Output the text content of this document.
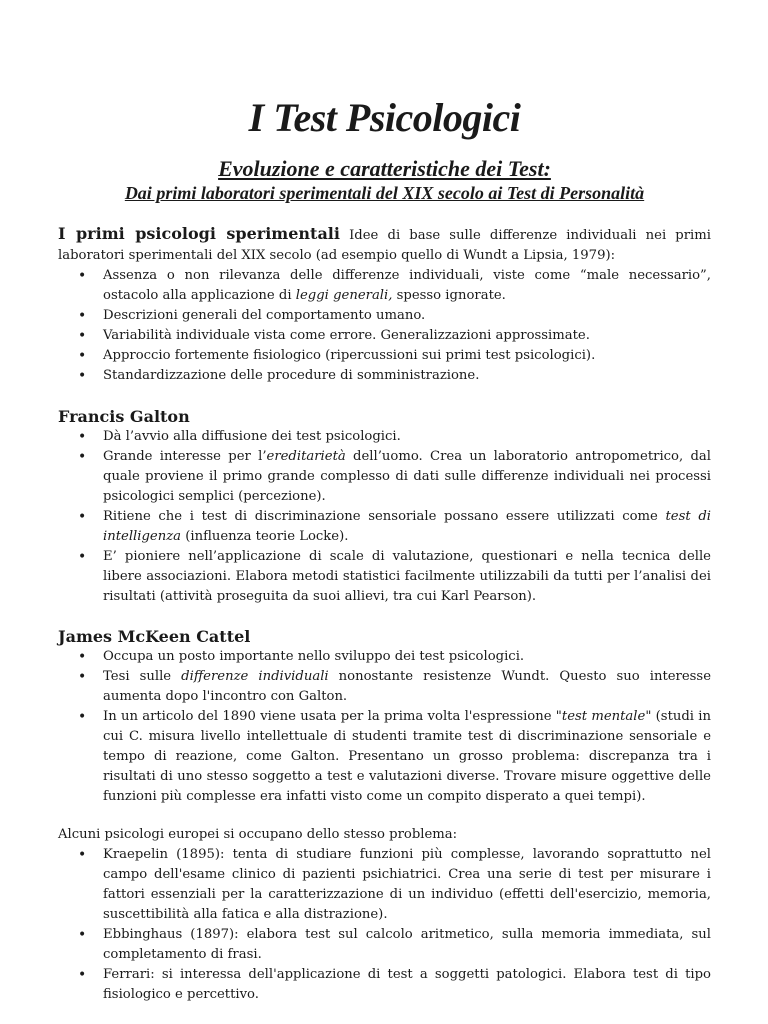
I Test Psicologici
Evoluzione e caratteristiche dei Test:
Dai primi laboratori sperimentali del XIX secolo ai Test di Personalità

I primi psicologi sperimentali Idee di base sulle differenze individuali nei primi laboratori sperimentali del XIX secolo (ad esempio quello di Wundt a Lipsia, 1979):

• Assenza o non rilevanza delle differenze individuali, viste come “male necessario”, ostacolo alla applicazione di leggi generali, spesso ignorate.
• Descrizioni generali del comportamento umano.
• Variabilità individuale vista come errore. Generalizzazioni approssimate.
• Approccio fortemente fisiologico (ripercussioni sui primi test psicologici).
• Standardizzazione delle procedure di somministrazione.
Francis Galton
• Dà l’avvio alla diffusione dei test psicologici.
• Grande interesse per l’ereditarietà dell’uomo. Crea un laboratorio antropometrico, dal quale proviene il primo grande complesso di dati sulle differenze individuali nei processi psicologici semplici (percezione).
• Ritiene che i test di discriminazione sensoriale possano essere utilizzati come test di intelligenza (influenza teorie Locke).
• E’ pioniere nell’applicazione di scale di valutazione, questionari e nella tecnica delle libere associazioni. Elabora metodi statistici facilmente utilizzabili da tutti per l’analisi dei risultati (attività proseguita da suoi allievi, tra cui Karl Pearson).
James McKeen Cattel
• Occupa un posto importante nello sviluppo dei test psicologici.
• Tesi sulle differenze individuali nonostante resistenze Wundt. Questo suo interesse aumenta dopo l'incontro con Galton.
• In un articolo del 1890 viene usata per la prima volta l'espressione "test mentale" (studi in cui C. misura livello intellettuale di studenti tramite test di discriminazione sensoriale e tempo di reazione, come Galton. Presentano un grosso problema: discrepanza tra i risultati di uno stesso soggetto a test e valutazioni diverse. Trovare misure oggettive delle funzioni più complesse era infatti visto come un compito disperato a quei tempi).

Alcuni psicologi europei si occupano dello stesso problema:

• Kraepelin (1895): tenta di studiare funzioni più complesse, lavorando soprattutto nel campo dell'esame clinico di pazienti psichiatrici. Crea una serie di test per misurare i fattori essenziali per la caratterizzazione di un individuo (effetti dell'esercizio, memoria, suscettibilità alla fatica e alla distrazione).
• Ebbinghaus (1897): elabora test sul calcolo aritmetico, sulla memoria immediata, sul completamento di frasi.
• Ferrari: si interessa dell'applicazione di test a soggetti patologici. Elabora test di tipo fisiologico e percettivo.
